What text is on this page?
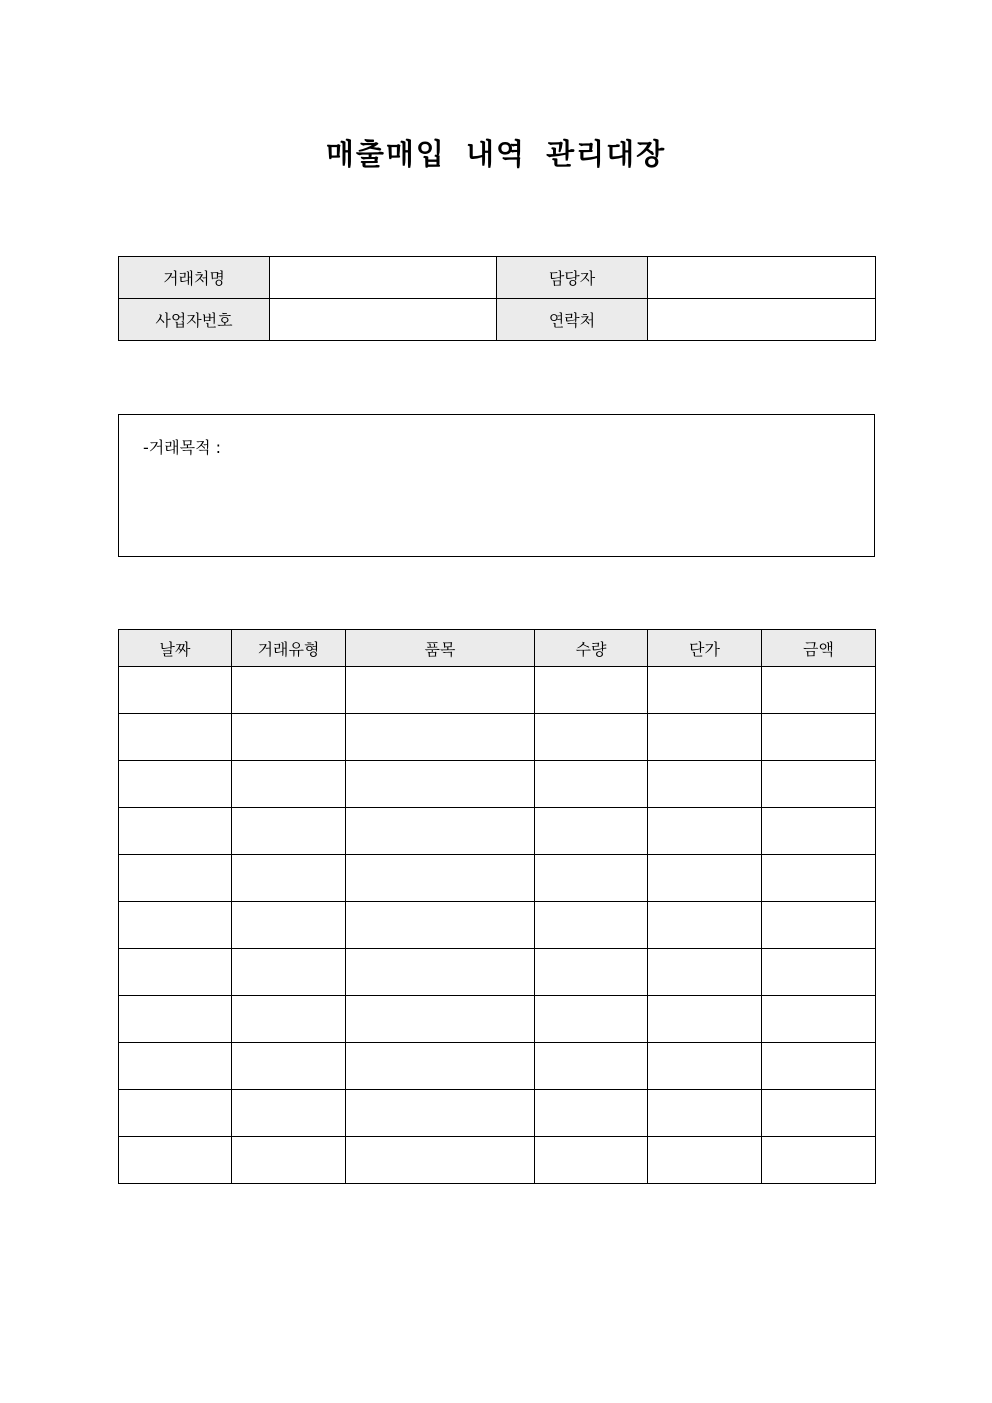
매출매입 내역 관리대장
거래처명		담당자	
사업자번호		연락처	
-거래목적 :
날짜	거래유형	품목	수량	단가	금액
